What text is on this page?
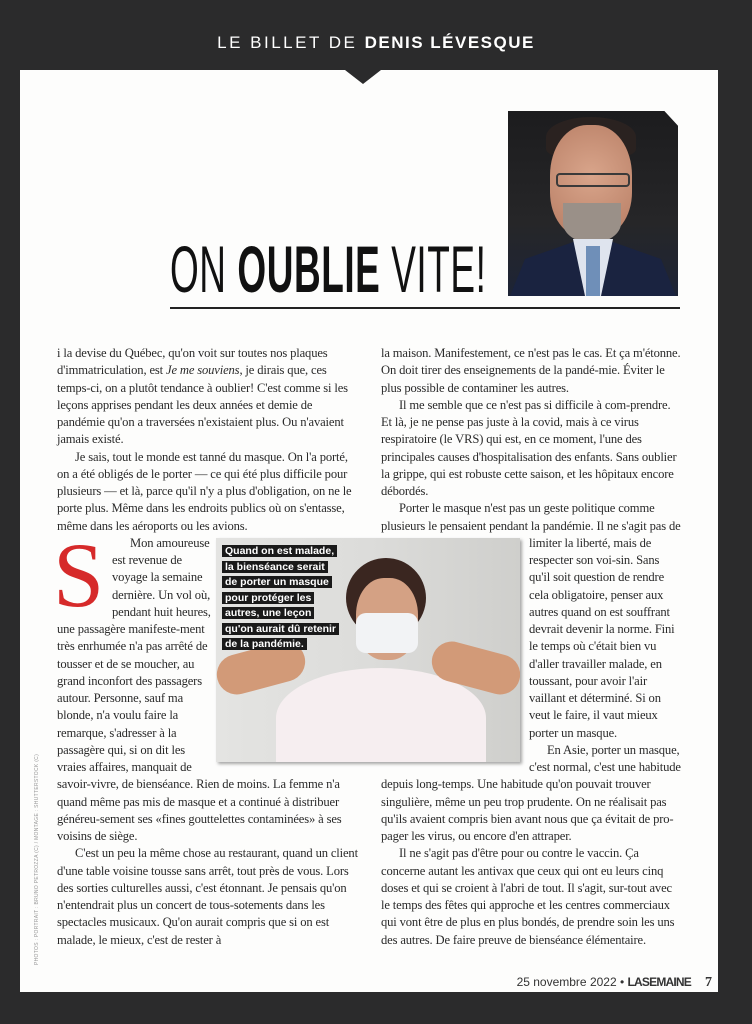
LE BILLET DE DENIS LÉVESQUE
ON OUBLIE VITE!
S

i la devise du Québec, qu'on voit sur toutes nos plaques d'immatriculation, est Je me souviens, je dirais que, ces temps-ci, on a plutôt tendance à oublier! C'est comme si les leçons apprises pendant les deux années et demie de pandémie qu'on a traversées n'existaient plus. Ou n'avaient jamais existé.

Je sais, tout le monde est tanné du masque. On l'a porté, on a été obligés de le porter — ce qui été plus difficile pour plusieurs — et là, parce qu'il n'y a plus d'obligation, on ne le porte plus. Même dans les endroits publics où on s'entasse, même dans les aéroports ou les avions.

Mon amoureuse est revenue de voyage la semaine dernière. Un vol où, pendant huit heures, une passagère manifeste-ment très enrhumée n'a pas arrêté de tousser et de se moucher, au grand inconfort des passagers autour. Personne, sauf ma blonde, n'a voulu faire la remarque, s'adresser à la passagère qui, si on dit les vraies affaires, manquait de savoir-vivre, de bienséance. Rien de moins. La femme n'a quand même pas mis de masque et a continué à distribuer généreu-sement ses «fines gouttelettes contaminées» à ses voisins de siège.

C'est un peu la même chose au restaurant, quand un client d'une table voisine tousse sans arrêt, tout près de vous. Lors des sorties culturelles aussi, c'est étonnant. Je pensais qu'on n'entendrait plus un concert de tous-sotements dans les spectacles musicaux. Qu'on aurait compris que si on est malade, le mieux, c'est de rester à

la maison. Manifestement, ce n'est pas le cas. Et ça m'étonne. On doit tirer des enseignements de la pandé-mie. Éviter le plus possible de contaminer les autres.

Il me semble que ce n'est pas si difficile à com-prendre. Et là, je ne pense pas juste à la covid, mais à ce virus respiratoire (le VRS) qui est, en ce moment, l'une des principales causes d'hospitalisation des enfants. Sans oublier la grippe, qui est robuste cette saison, et les hôpitaux encore débordés.

Porter le masque n'est pas un geste politique comme plusieurs le pensaient pendant la pandémie. Il ne s'agit pas de limiter la liberté, mais de respecter son voi-sin. Sans qu'il soit question de rendre cela obligatoire, penser aux autres quand on est souffrant devrait devenir la norme. Fini le temps où c'était bien vu d'aller travailler malade, en toussant, pour avoir l'air vaillant et déterminé. Si on veut le faire, il vaut mieux porter un masque.

En Asie, porter un masque, c'est normal, c'est une habitude depuis long-temps. Une habitude qu'on pouvait trouver singulière, même un peu trop prudente. On ne réalisait pas qu'ils avaient compris bien avant nous que ça évitait de pro-pager les virus, ou encore d'en attraper.

Il ne s'agit pas d'être pour ou contre le vaccin. Ça concerne autant les antivax que ceux qui ont eu leurs cinq doses et qui se croient à l'abri de tout. Il s'agit, sur-tout avec le temps des fêtes qui approche et les centres commerciaux qui vont être de plus en plus bondés, de prendre soin les uns des autres. De faire preuve de bienséance élémentaire.

Quand on est malade,
la bienséance serait
de porter un masque
pour protéger les
autres, une leçon
qu'on aurait dû retenir
de la pandémie.
PHOTOS : PORTRAIT : BRUNO PETROZZA (C) / MONTAGE : SHUTTERSTOCK (C)
25 novembre 2022 • LASEMAINE 7
